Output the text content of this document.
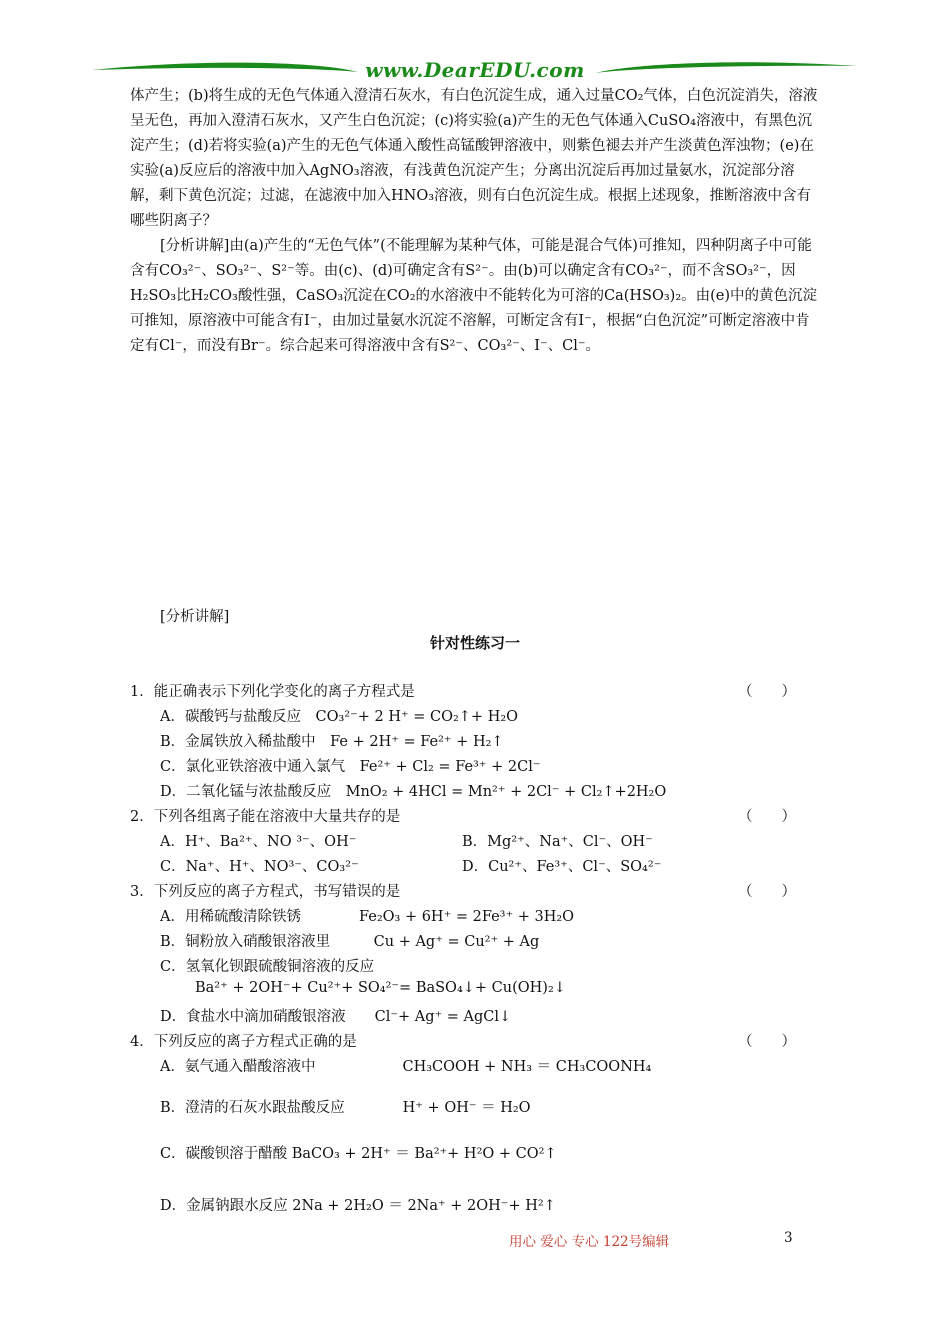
www.DearEDU.com

体产生；(b)将生成的无色气体通入澄清石灰水，有白色沉淀生成，通入过量CO₂气体，白色沉淀消失，溶液呈无色，再加入澄清石灰水，又产生白色沉淀；(c)将实验(a)产生的无色气体通入CuSO₄溶液中，有黑色沉淀产生；(d)若将实验(a)产生的无色气体通入酸性高锰酸钾溶液中，则紫色褪去并产生淡黄色浑浊物；(e)在实验(a)反应后的溶液中加入AgNO₃溶液，有浅黄色沉淀产生；分离出沉淀后再加过量氨水，沉淀部分溶解，剩下黄色沉淀；过滤，在滤液中加入HNO₃溶液，则有白色沉淀生成。根据上述现象，推断溶液中含有哪些阴离子？

[分析讲解]由(a)产生的“无色气体”(不能理解为某种气体，可能是混合气体)可推知，四种阴离子中可能含有CO₃²⁻、SO₃²⁻、S²⁻等。由(c)、(d)可确定含有S²⁻。由(b)可以确定含有CO₃²⁻，而不含SO₃²⁻，因H₂SO₃比H₂CO₃酸性强，CaSO₃沉淀在CO₂的水溶液中不能转化为可溶的Ca(HSO₃)₂。由(e)中的黄色沉淀可推知，原溶液中可能含有I⁻，由加过量氨水沉淀不溶解，可断定含有I⁻，根据“白色沉淀”可断定溶液中肯定有Cl⁻，而没有Br⁻。综合起来可得溶液中含有S²⁻、CO₃²⁻、I⁻、Cl⁻。

[分析讲解]
针对性练习一
1．能正确表示下列化学变化的离子方程式是	（　　）
A．碳酸钙与盐酸反应　CO₃²⁻+ 2 H⁺ = CO₂↑+ H₂O
B．金属铁放入稀盐酸中　Fe + 2H⁺ = Fe²⁺ + H₂↑
C．氯化亚铁溶液中通入氯气　Fe²⁺ + Cl₂ = Fe³⁺ + 2Cl⁻
D．二氧化锰与浓盐酸反应　MnO₂ + 4HCl = Mn²⁺ + 2Cl⁻ + Cl₂↑+2H₂O
2．下列各组离子能在溶液中大量共存的是	（　　）
A．H⁺、Ba²⁺、NO ³⁻、OH⁻	B．Mg²⁺、Na⁺、Cl⁻、OH⁻
C．Na⁺、H⁺、NO³⁻、CO₃²⁻	D．Cu²⁺、Fe³⁺、Cl⁻、SO₄²⁻
3．下列反应的离子方程式，书写错误的是	（　　）
A．用稀硫酸清除铁锈　　　　Fe₂O₃ + 6H⁺ = 2Fe³⁺ + 3H₂O
B．铜粉放入硝酸银溶液里　　　Cu + Ag⁺ = Cu²⁺ + Ag
C．氢氧化钡跟硫酸铜溶液的反应
Ba²⁺ + 2OH⁻+ Cu²⁺+ SO₄²⁻= BaSO₄↓+ Cu(OH)₂↓
D．食盐水中滴加硝酸银溶液　　Cl⁻+ Ag⁺ = AgCl↓
4．下列反应的离子方程式正确的是	（　　）
A．氨气通入醋酸溶液中　　　　　　CH₃COOH + NH₃ ＝ CH₃COONH₄
B．澄清的石灰水跟盐酸反应　　　　H⁺ + OH⁻ ＝ H₂O
C．碳酸钡溶于醋酸 BaCO₃ + 2H⁺ ＝ Ba²⁺+ H²O + CO²↑
D．金属钠跟水反应 2Na + 2H₂O ＝ 2Na⁺ + 2OH⁻+ H²↑
用心 爱心 专心 122号编辑	3
